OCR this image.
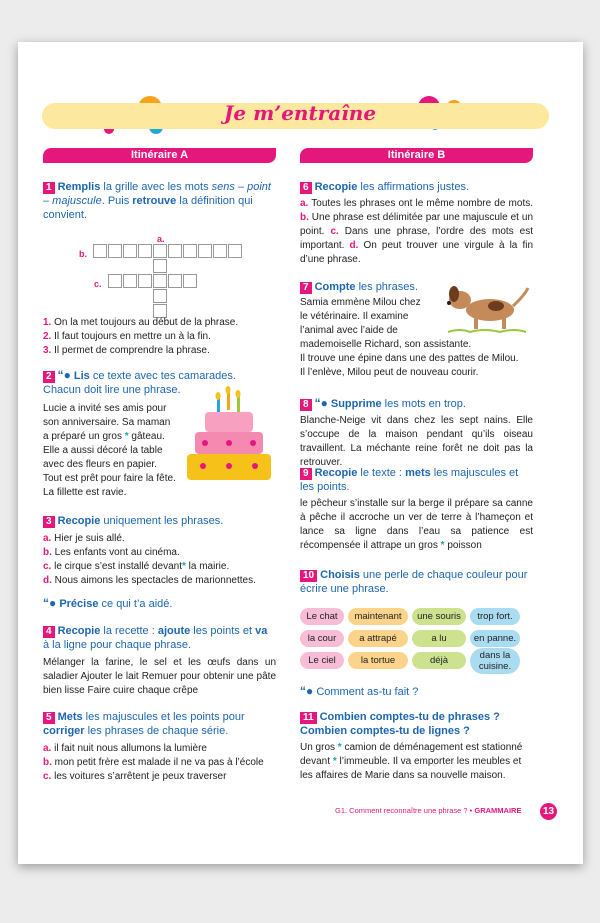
Je m’entraîne
Itinéraire A
1 Remplis la grille avec les mots sens – point – majuscule. Puis retrouve la définition qui convient.
a.
b.
c.
1. On la met toujours au début de la phrase.
2. Il faut toujours en mettre un à la fin.
3. Il permet de comprendre la phrase.
2 “● Lis ce texte avec tes camarades. Chacun doit lire une phrase.
Lucie a invité ses amis pour
son anniversaire. Sa maman
a préparé un gros * gâteau.
Elle a aussi décoré la table
avec des fleurs en papier.
Tout est prêt pour faire la fête.
La fillette est ravie.
3 Recopie uniquement les phrases.
a. Hier je suis allé.
b. Les enfants vont au cinéma.
c. le cirque s’est installé devant* la mairie.
d. Nous aimons les spectacles de marionnettes.
“● Précise ce qui t’a aidé.
4 Recopie la recette : ajoute les points et va à la ligne pour chaque phrase.
Mélanger la farine, le sel et les œufs dans un saladier Ajouter le lait Remuer pour obtenir une pâte bien lisse Faire cuire chaque crêpe
5 Mets les majuscules et les points pour corriger les phrases de chaque série.
a. il fait nuit nous allumons la lumière
b. mon petit frère est malade il ne va pas à l’école
c. les voitures s’arrêtent je peux traverser
Itinéraire B
6 Recopie les affirmations justes.
a. Toutes les phrases ont le même nombre de mots. b. Une phrase est délimitée par une majuscule et un point. c. Dans une phrase, l’ordre des mots est important. d. On peut trouver une virgule à la fin d’une phrase.
7 Compte les phrases.
Samia emmène Milou chez
le vétérinaire. Il examine
l’animal avec l’aide de
mademoiselle Richard, son assistante.
Il trouve une épine dans une des pattes de Milou.
Il l’enlève, Milou peut de nouveau courir.
8 “● Supprime les mots en trop.
Blanche-Neige vit dans chez les sept nains. Elle s’occupe de la maison pendant qu’ils oiseau travaillent. La méchante reine forêt ne doit pas la retrouver.
9 Recopie le texte : mets les majuscules et les points.
le pêcheur s’installe sur la berge il prépare sa canne à pêche il accroche un ver de terre à l’hameçon et lance sa ligne dans l’eau sa patience est récompensée il attrape un gros * poisson
10 Choisis une perle de chaque couleur pour écrire une phrase.
Le chat	maintenant	une souris	trop fort.
la cour	a attrapé	a lu	en panne.
Le ciel	la tortue	déjà	dans la cuisine.
“● Comment as-tu fait ?
11 Combien comptes-tu de phrases ? Combien comptes-tu de lignes ?
Un gros * camion de déménagement est stationné devant * l’immeuble. Il va emporter les meubles et les affaires de Marie dans sa nouvelle maison.
G1. Comment reconnaître une phrase ? • GRAMMAIRE 13
